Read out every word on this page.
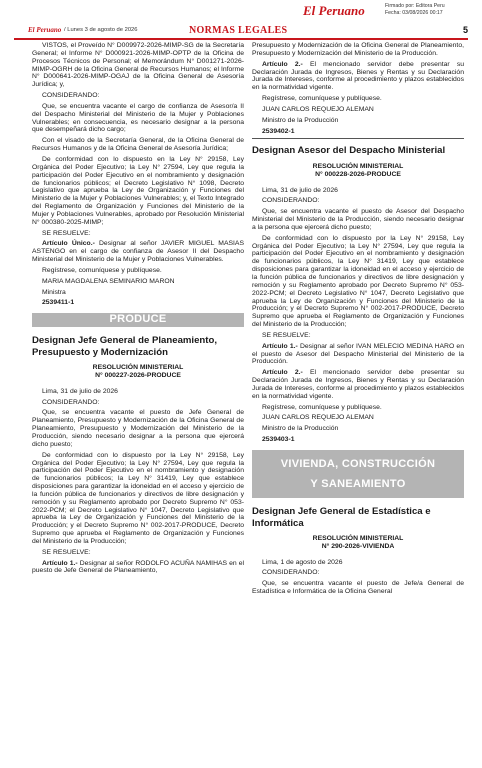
El Peruano	Firmado por: Editora Peru
Fecha: 03/08/2026 00:17
El Peruano / Lunes 3 de agosto de 2026	NORMAS LEGALES	5

VISTOS, el Proveído N° D009972-2026-MIMP-SG de la Secretaría General; el Informe N° D000921-2026-MIMP-OPTP de la Oficina de Procesos Técnicos de Personal; el Memorándum N° D001271-2026-MIMP-OGRH de la Oficina General de Recursos Humanos; el Informe N° D000641-2026-MIMP-OGAJ de la Oficina General de Asesoría Jurídica; y,

CONSIDERANDO:

Que, se encuentra vacante el cargo de confianza de Asesor/a II del Despacho Ministerial del Ministerio de la Mujer y Poblaciones Vulnerables; en consecuencia, es necesario designar a la persona que desempeñará dicho cargo;

Con el visado de la Secretaría General, de la Oficina General de Recursos Humanos y de la Oficina General de Asesoría Jurídica;

De conformidad con lo dispuesto en la Ley N° 29158, Ley Orgánica del Poder Ejecutivo; la Ley N° 27594, Ley que regula la participación del Poder Ejecutivo en el nombramiento y designación de funcionarios públicos; el Decreto Legislativo N° 1098, Decreto Legislativo que aprueba la Ley de Organización y Funciones del Ministerio de la Mujer y Poblaciones Vulnerables; y, el Texto Integrado del Reglamento de Organización y Funciones del Ministerio de la Mujer y Poblaciones Vulnerables, aprobado por Resolución Ministerial N° 000380-2025-MIMP;

SE RESUELVE:

Artículo Único.- Designar al señor JAVIER MIGUEL MASIAS ASTENGO en el cargo de confianza de Asesor II del Despacho Ministerial del Ministerio de la Mujer y Poblaciones Vulnerables.

Regístrese, comuníquese y publíquese.

MARIA MAGDALENA SEMINARIO MARON

Ministra

2539411-1

PRODUCE
Designan Jefe General de Planeamiento, Presupuesto y Modernización
RESOLUCIÓN MINISTERIAL
N° 000227-2026-PRODUCE

Lima, 31 de julio de 2026

CONSIDERANDO:

Que, se encuentra vacante el puesto de Jefe General de Planeamiento, Presupuesto y Modernización de la Oficina General de Planeamiento, Presupuesto y Modernización del Ministerio de la Producción, siendo necesario designar a la persona que ejercerá dicho puesto;

De conformidad con lo dispuesto por la Ley N° 29158, Ley Orgánica del Poder Ejecutivo; la Ley N° 27594, Ley que regula la participación del Poder Ejecutivo en el nombramiento y designación de funcionarios públicos; la Ley N° 31419, Ley que establece disposiciones para garantizar la idoneidad en el acceso y ejercicio de la función pública de funcionarios y directivos de libre designación y remoción y su Reglamento aprobado por Decreto Supremo N° 053-2022-PCM; el Decreto Legislativo N° 1047, Decreto Legislativo que aprueba la Ley de Organización y Funciones del Ministerio de la Producción; y el Decreto Supremo N° 002-2017-PRODUCE, Decreto Supremo que aprueba el Reglamento de Organización y Funciones del Ministerio de la Producción;

SE RESUELVE:

Artículo 1.- Designar al señor RODOLFO ACUÑA NAMIHAS en el puesto de Jefe General de Planeamiento,

Presupuesto y Modernización de la Oficina General de Planeamiento, Presupuesto y Modernización del Ministerio de la Producción.

Artículo 2.- El mencionado servidor debe presentar su Declaración Jurada de Ingresos, Bienes y Rentas y su Declaración Jurada de Intereses, conforme al procedimiento y plazos establecidos en la normatividad vigente.

Regístrese, comuníquese y publíquese.

JUAN CARLOS REQUEJO ALEMAN

Ministro de la Producción

2539402-1

Designan Asesor del Despacho Ministerial
RESOLUCIÓN MINISTERIAL
N° 000228-2026-PRODUCE

Lima, 31 de julio de 2026

CONSIDERANDO:

Que, se encuentra vacante el puesto de Asesor del Despacho Ministerial del Ministerio de la Producción, siendo necesario designar a la persona que ejercerá dicho puesto;

De conformidad con lo dispuesto por la Ley N° 29158, Ley Orgánica del Poder Ejecutivo; la Ley N° 27594, Ley que regula la participación del Poder Ejecutivo en el nombramiento y designación de funcionarios públicos, la Ley N° 31419, Ley que establece disposiciones para garantizar la idoneidad en el acceso y ejercicio de la función pública de funcionarios y directivos de libre designación y remoción y su Reglamento aprobado por Decreto Supremo N° 053-2022-PCM; el Decreto Legislativo N° 1047, Decreto Legislativo que aprueba la Ley de Organización y Funciones del Ministerio de la Producción; y el Decreto Supremo N° 002-2017-PRODUCE, Decreto Supremo que aprueba el Reglamento de Organización y Funciones del Ministerio de la Producción;

SE RESUELVE:

Artículo 1.- Designar al señor IVAN MELECIO MEDINA HARO en el puesto de Asesor del Despacho Ministerial del Ministerio de la Producción.

Artículo 2.- El mencionado servidor debe presentar su Declaración Jurada de Ingresos, Bienes y Rentas y su Declaración Jurada de Intereses, conforme al procedimiento y plazos establecidos en la normatividad vigente.

Regístrese, comuníquese y publíquese.

JUAN CARLOS REQUEJO ALEMAN

Ministro de la Producción

2539403-1

VIVIENDA, CONSTRUCCIÓN
Y SANEAMIENTO
Designan Jefe General de Estadística e Informática
RESOLUCIÓN MINISTERIAL
N° 290-2026-VIVIENDA

Lima, 1 de agosto de 2026

CONSIDERANDO:

Que, se encuentra vacante el puesto de Jefe/a General de Estadística e Informática de la Oficina General
